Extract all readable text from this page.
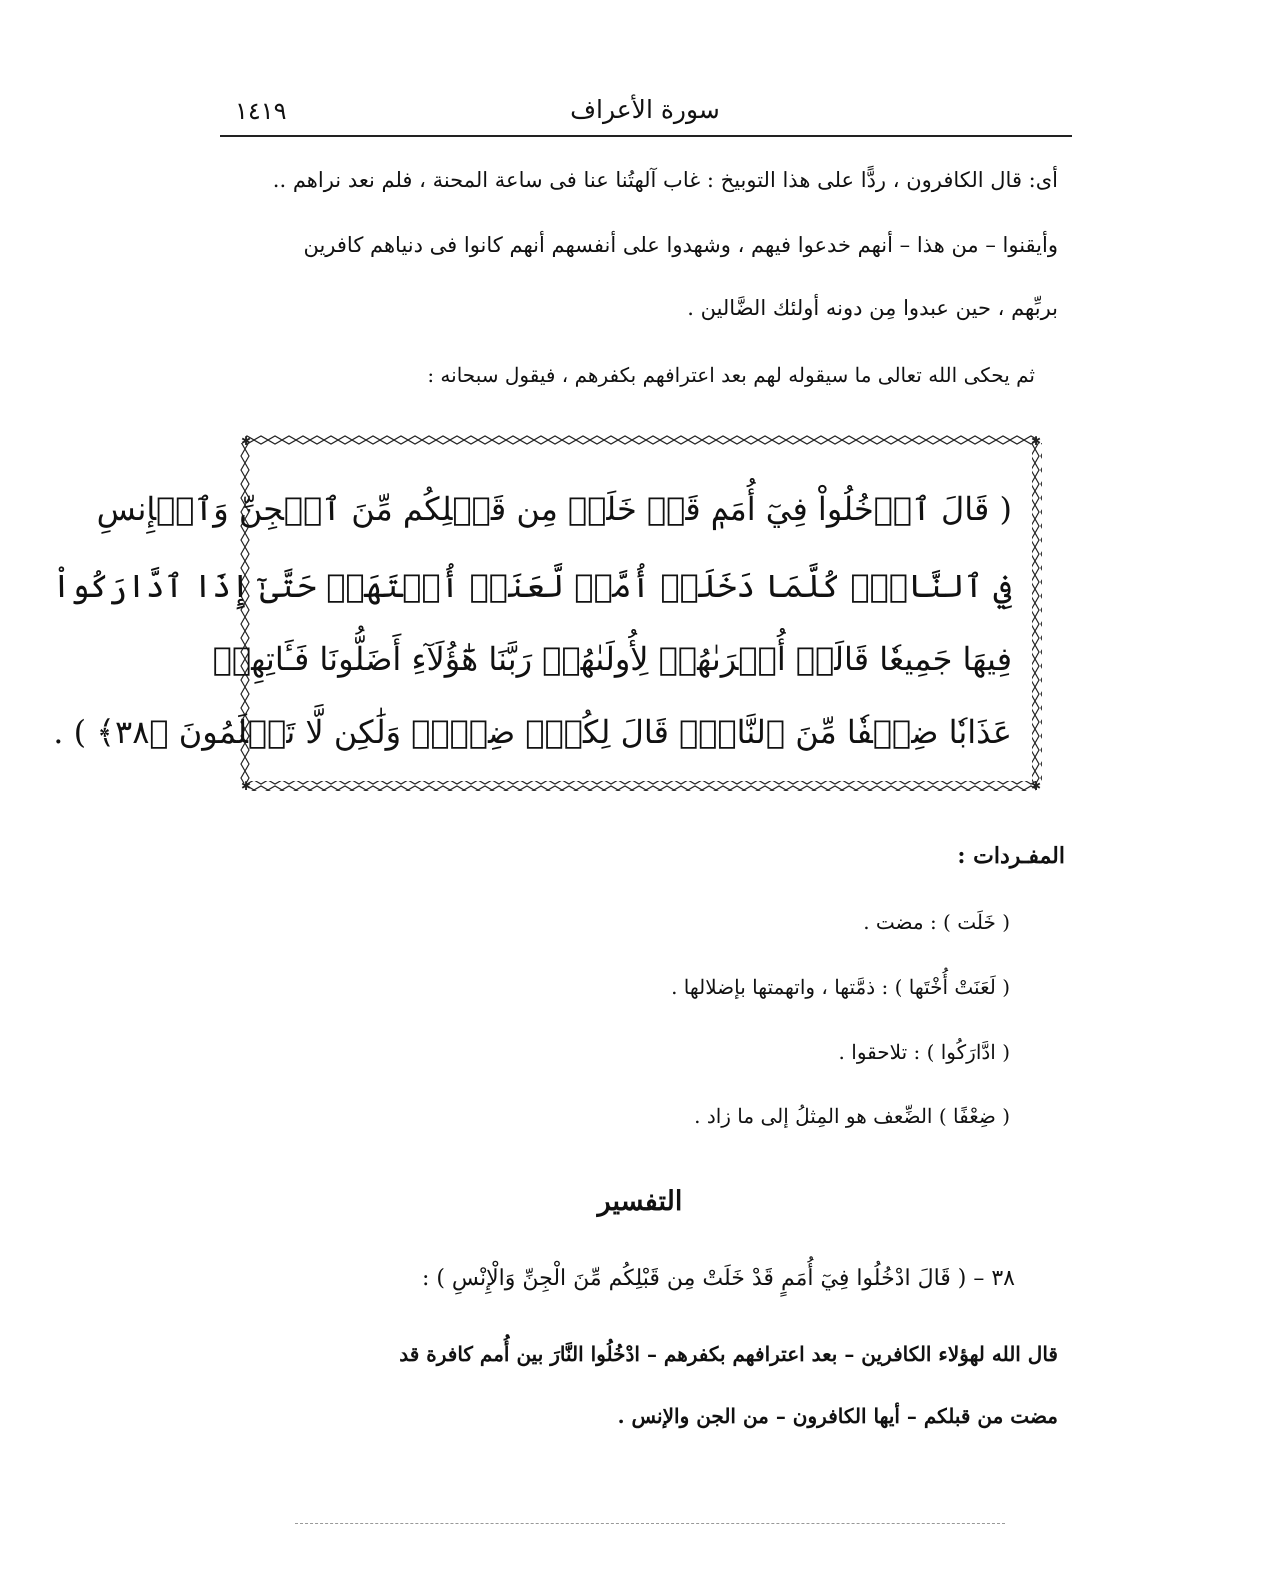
سورة الأعراف
١٤١٩
أى: قال الكافرون ، ردًّا على هذا التوبيخ : غاب آلهتُنا عنا فى ساعة المحنة ، فلم نعد نراهم ..
وأيقنوا – من هذا – أنهم خدعوا فيهم ، وشهدوا على أنفسهم أنهم كانوا فى دنياهم كافرين
بربِّهم ، حين عبدوا مِن دونه أولئك الضَّالين .
ثم يحكى الله تعالى ما سيقوله لهم بعد اعترافهم بكفرهم ، فيقول سبحانه :
✱	✱
✱	✱
( قَالَ ٱدۡخُلُواْ فِيٓ أُمَمٖ قَدۡ خَلَتۡ مِن قَبۡلِكُم مِّنَ ٱلۡجِنِّ وَٱلۡإِنسِ
فِي ٱلنَّارِۖ كُلَّمَا دَخَلَتۡ أُمَّةٞ لَّعَنَتۡ أُخۡتَهَاۖ حَتَّىٰٓ إِذَا ٱدَّارَكُواْ
فِيهَا جَمِيعٗا قَالَتۡ أُخۡرَىٰهُمۡ لِأُولَىٰهُمۡ رَبَّنَا هَٰٓؤُلَآءِ أَضَلُّونَا فَـَٔاتِهِمۡ
عَذَابٗا ضِعۡفٗا مِّنَ ٱلنَّارِۖ قَالَ لِكُلّٖ ضِعۡفٞ وَلَٰكِن لَّا تَعۡلَمُونَ ﴿٣٨﴾ ) .
المفـردات :
( خَلَت ) : مضت .
( لَعَنَتْ أُخْتَها ) : ذمَّتها ، واتهمتها بإضلالها .
( ادَّارَكُوا ) : تلاحقوا .
( ضِعْفًا ) الضِّعف هو المِثلُ إلى ما زاد .
التفسير
٣٨ – ( قَالَ ادْخُلُوا فِيٓ أُمَمٍ قَدْ خَلَتْ مِن قَبْلِكُم مِّنَ الْجِنِّ وَالْإِنْسِ ) :
قال الله لهؤلاء الكافرين – بعد اعترافهم بكفرهم – ادْخُلُوا النَّارَ بين أُمم كافرة قد
مضت من قبلكم – أيها الكافرون – من الجن والإنس .
